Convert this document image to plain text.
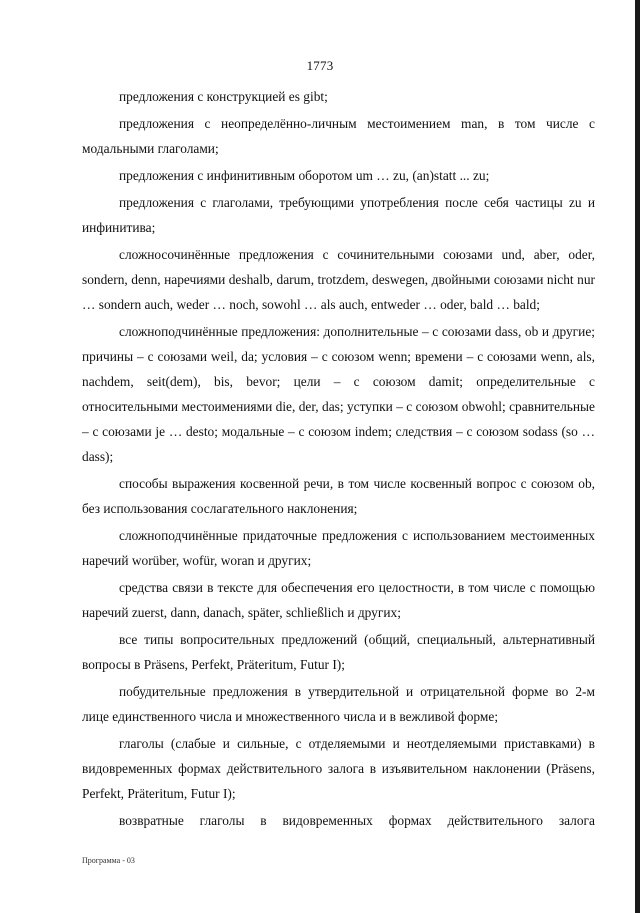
1773

предложения с конструкцией es gibt;

предложения с неопределённо-личным местоимением man, в том числе с модальными глаголами;

предложения с инфинитивным оборотом um … zu, (an)statt ... zu;

предложения с глаголами, требующими употребления после себя частицы zu и инфинитива;

сложносочинённые предложения с сочинительными союзами und, aber, oder, sondern, denn, наречиями deshalb, darum, trotzdem, deswegen, двойными союзами nicht nur … sondern auch, weder … noch, sowohl … als auch, entweder … oder, bald … bald;

сложноподчинённые предложения: дополнительные – с союзами dass, ob и другие; причины – с союзами weil, da; условия – с союзом wenn; времени – с союзами wenn, als, nachdem, seit(dem), bis, bevor; цели – с союзом damit; определительные с относительными местоимениями die, der, das; уступки – с союзом obwohl; сравнительные – с союзами je … desto; модальные – с союзом indem; следствия – с союзом sodass (so … dass);

способы выражения косвенной речи, в том числе косвенный вопрос с союзом ob, без использования сослагательного наклонения;

сложноподчинённые придаточные предложения с использованием местоименных наречий worüber, wofür, woran и других;

средства связи в тексте для обеспечения его целостности, в том числе с помощью наречий zuerst, dann, danach, später, schließlich и других;

все типы вопросительных предложений (общий, специальный, альтернативный вопросы в Präsens, Perfekt, Präteritum, Futur I);

побудительные предложения в утвердительной и отрицательной форме во 2-м лице единственного числа и множественного числа и в вежливой форме;

глаголы (слабые и сильные, с отделяемыми и неотделяемыми приставками) в видовременных формах действительного залога в изъявительном наклонении (Präsens, Perfekt, Präteritum, Futur I);

возвратные глаголы в видовременных формах действительного залога

Программа - 03
